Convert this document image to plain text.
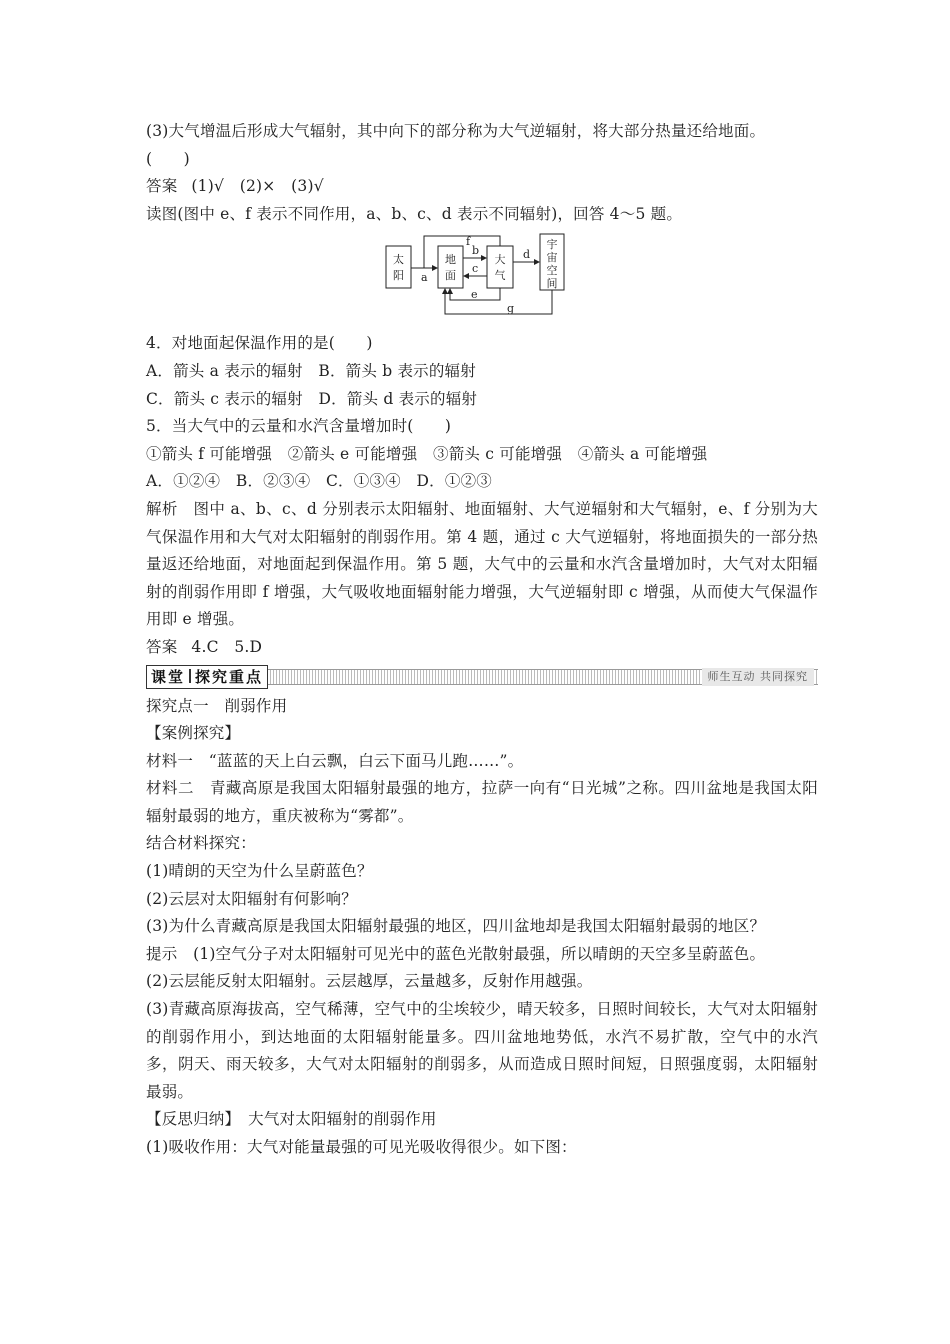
(3)大气增温后形成大气辐射，其中向下的部分称为大气逆辐射，将大部分热量还给地面。
(　　)
答案 (1)√　(2)×　(3)√
读图(图中 e、f 表示不同作用，a、b、c、d 表示不同辐射)，回答 4～5 题。
太
阳
地
面
大
气
宇
宙
空
间
a
b
c
d
f
e
g
4．对地面起保温作用的是(　　)
A．箭头 a 表示的辐射　B．箭头 b 表示的辐射
C．箭头 c 表示的辐射　D．箭头 d 表示的辐射
5．当大气中的云量和水汽含量增加时(　　)
①箭头 f 可能增强　②箭头 e 可能增强　③箭头 c 可能增强　④箭头 a 可能增强
A．①②④　B．②③④　C．①③④　D．①②③
解析　图中 a、b、c、d 分别表示太阳辐射、地面辐射、大气逆辐射和大气辐射，e、f 分别为大气保温作用和大气对太阳辐射的削弱作用。第 4 题，通过 c 大气逆辐射，将地面损失的一部分热量返还给地面，对地面起到保温作用。第 5 题，大气中的云量和水汽含量增加时，大气对太阳辐射的削弱作用即 f 增强，大气吸收地面辐射能力增强，大气逆辐射即 c 增强，从而使大气保温作用即 e 增强。
答案 4.C　5.D
课堂 探究重点	师生互动 共同探究
探究点一　削弱作用
【案例探究】
材料一　“蓝蓝的天上白云飘，白云下面马儿跑……”。
材料二　青藏高原是我国太阳辐射最强的地方，拉萨一向有“日光城”之称。四川盆地是我国太阳辐射最弱的地方，重庆被称为“雾都”。
结合材料探究：
(1)晴朗的天空为什么呈蔚蓝色？
(2)云层对太阳辐射有何影响？
(3)为什么青藏高原是我国太阳辐射最强的地区，四川盆地却是我国太阳辐射最弱的地区？
提示　(1)空气分子对太阳辐射可见光中的蓝色光散射最强，所以晴朗的天空多呈蔚蓝色。
(2)云层能反射太阳辐射。云层越厚，云量越多，反射作用越强。
(3)青藏高原海拔高，空气稀薄，空气中的尘埃较少，晴天较多，日照时间较长，大气对太阳辐射的削弱作用小，到达地面的太阳辐射能量多。四川盆地地势低，水汽不易扩散，空气中的水汽多，阴天、雨天较多，大气对太阳辐射的削弱多，从而造成日照时间短，日照强度弱，太阳辐射最弱。
【反思归纳】　大气对太阳辐射的削弱作用
(1)吸收作用：大气对能量最强的可见光吸收得很少。如下图：
